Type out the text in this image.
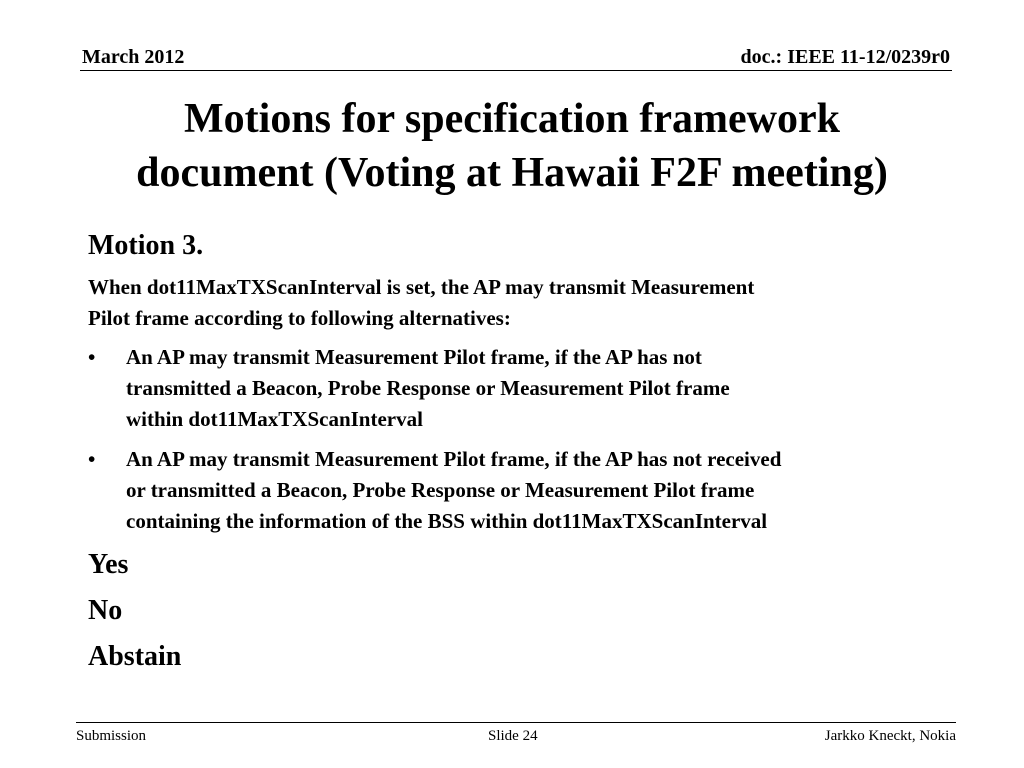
March 2012	doc.: IEEE 11-12/0239r0
Motions for specification framework
document (Voting at Hawaii F2F meeting)
Motion 3.
When dot11MaxTXScanInterval is set, the AP may transmit Measurement
Pilot frame according to following alternatives:
•	An AP may transmit Measurement Pilot frame, if the AP has not
transmitted a Beacon, Probe Response or Measurement Pilot frame
within dot11MaxTXScanInterval
•	An AP may transmit Measurement Pilot frame, if the AP has not received
or transmitted a Beacon, Probe Response or Measurement Pilot frame
containing the information of the BSS within dot11MaxTXScanInterval
Yes
No
Abstain
Submission	Slide 24	Jarkko Kneckt, Nokia
